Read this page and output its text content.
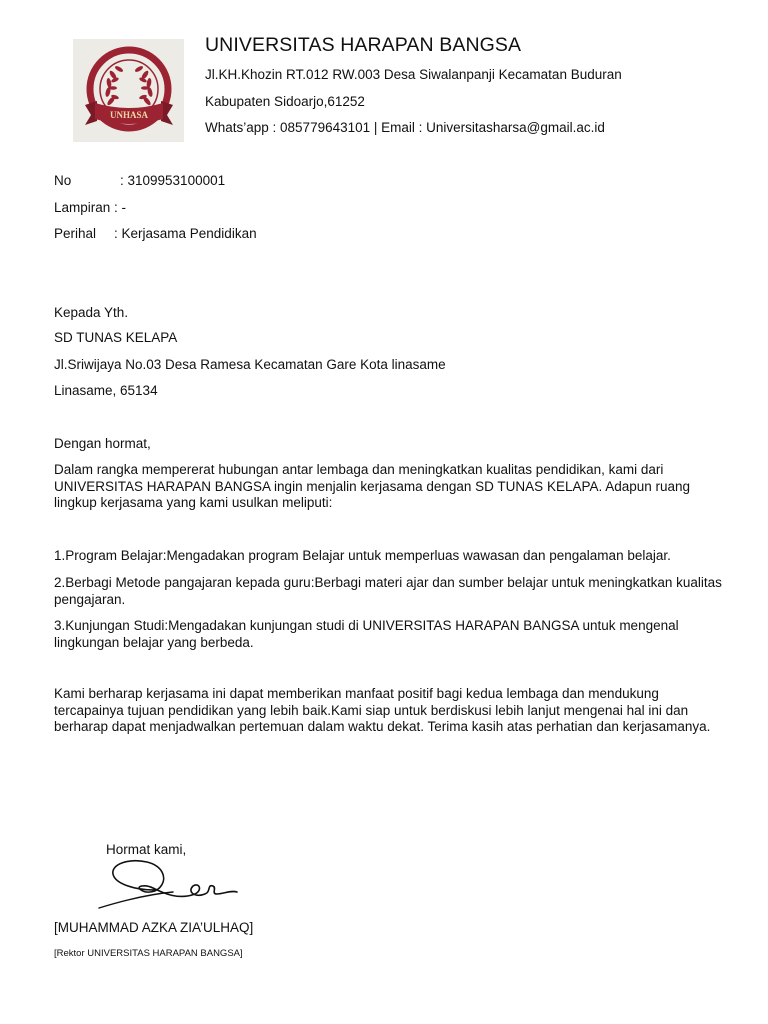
UNHASA
UNIVERSITAS HARAPAN BANGSA
Jl.KH.Khozin RT.012 RW.003 Desa Siwalanpanji Kecamatan Buduran
Kabupaten Sidoarjo,61252
Whats’app : 085779643101 | Email : Universitasharsa@gmail.ac.id
No	: 3109953100001
Lampiran : -
Perihal : Kerjasama Pendidikan
Kepada Yth.
SD TUNAS KELAPA
Jl.Sriwijaya No.03 Desa Ramesa Kecamatan Gare Kota linasame
Linasame, 65134
Dengan hormat,
Dalam rangka mempererat hubungan antar lembaga dan meningkatkan kualitas pendidikan, kami dari UNIVERSITAS HARAPAN BANGSA ingin menjalin kerjasama dengan SD TUNAS KELAPA. Adapun ruang lingkup kerjasama yang kami usulkan meliputi:
1.Program Belajar:Mengadakan program Belajar untuk memperluas wawasan dan pengalaman belajar.
2.Berbagi Metode pangajaran kepada guru:Berbagi materi ajar dan sumber belajar untuk meningkatkan kualitas pengajaran.
3.Kunjungan Studi:Mengadakan kunjungan studi di UNIVERSITAS HARAPAN BANGSA untuk mengenal lingkungan belajar yang berbeda.
Kami berharap kerjasama ini dapat memberikan manfaat positif bagi kedua lembaga dan mendukung tercapainya tujuan pendidikan yang lebih baik.Kami siap untuk berdiskusi lebih lanjut mengenai hal ini dan berharap dapat menjadwalkan pertemuan dalam waktu dekat. Terima kasih atas perhatian dan kerjasamanya.
Hormat kami,
[MUHAMMAD AZKA ZIA’ULHAQ]
[Rektor UNIVERSITAS HARAPAN BANGSA]
